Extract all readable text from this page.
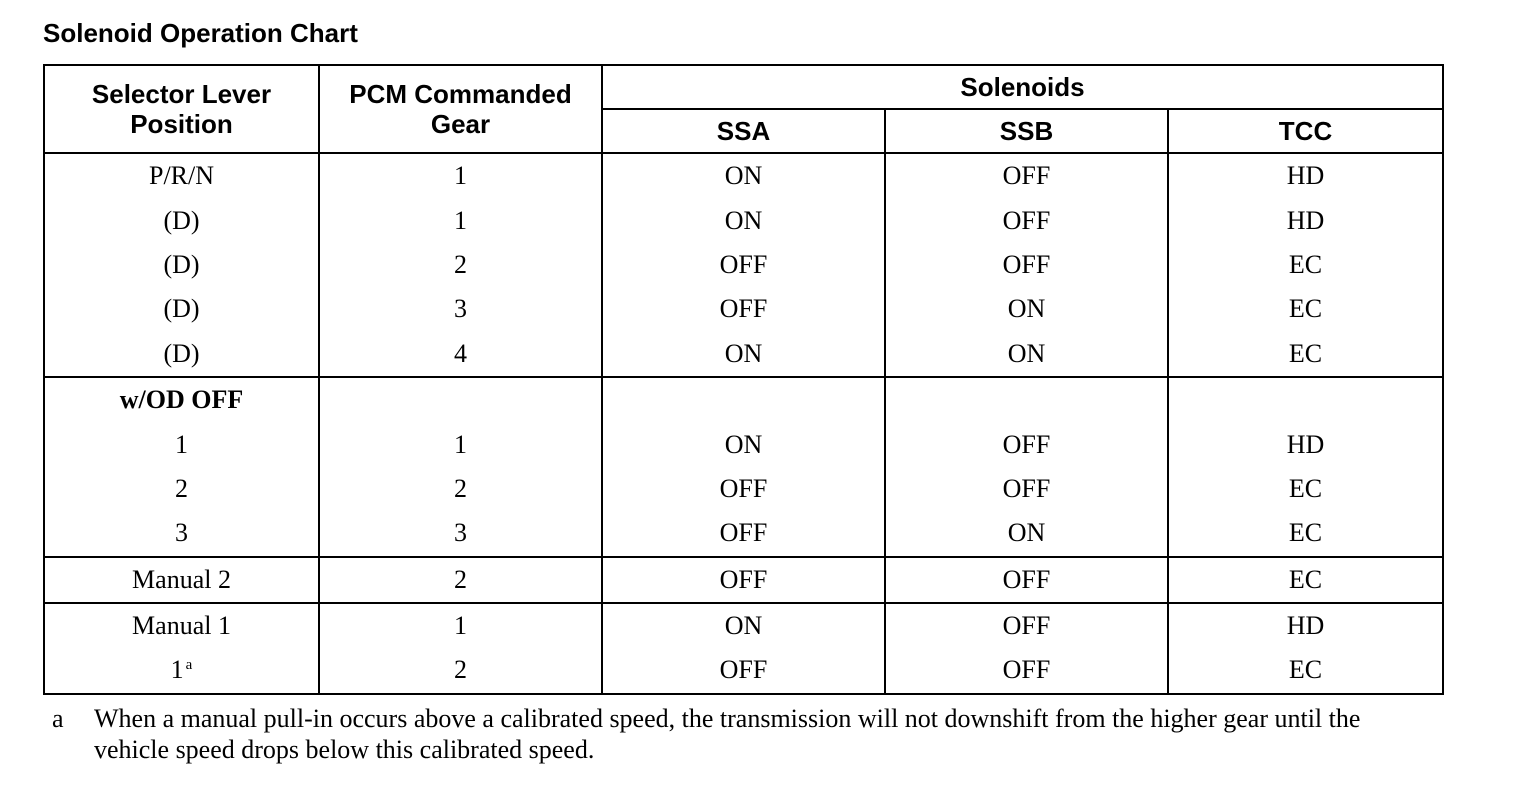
Solenoid Operation Chart
Selector Lever Position	PCM Commanded Gear	Solenoids		
		SSA	SSB	TCC
P/R/N	1	ON	OFF	HD
(D)	1	ON	OFF	HD
(D)	2	OFF	OFF	EC
(D)	3	OFF	ON	EC
(D)	4	ON	ON	EC
w/OD OFF				
1	1	ON	OFF	HD
2	2	OFF	OFF	EC
3	3	OFF	ON	EC
Manual 2	2	OFF	OFF	EC
Manual 1	1	ON	OFF	HD
1 $^a$	2	OFF	OFF	EC
a When a manual pull-in occurs above a calibrated speed, the transmission will not downshift from the higher gear until the vehicle speed drops below this calibrated speed.
